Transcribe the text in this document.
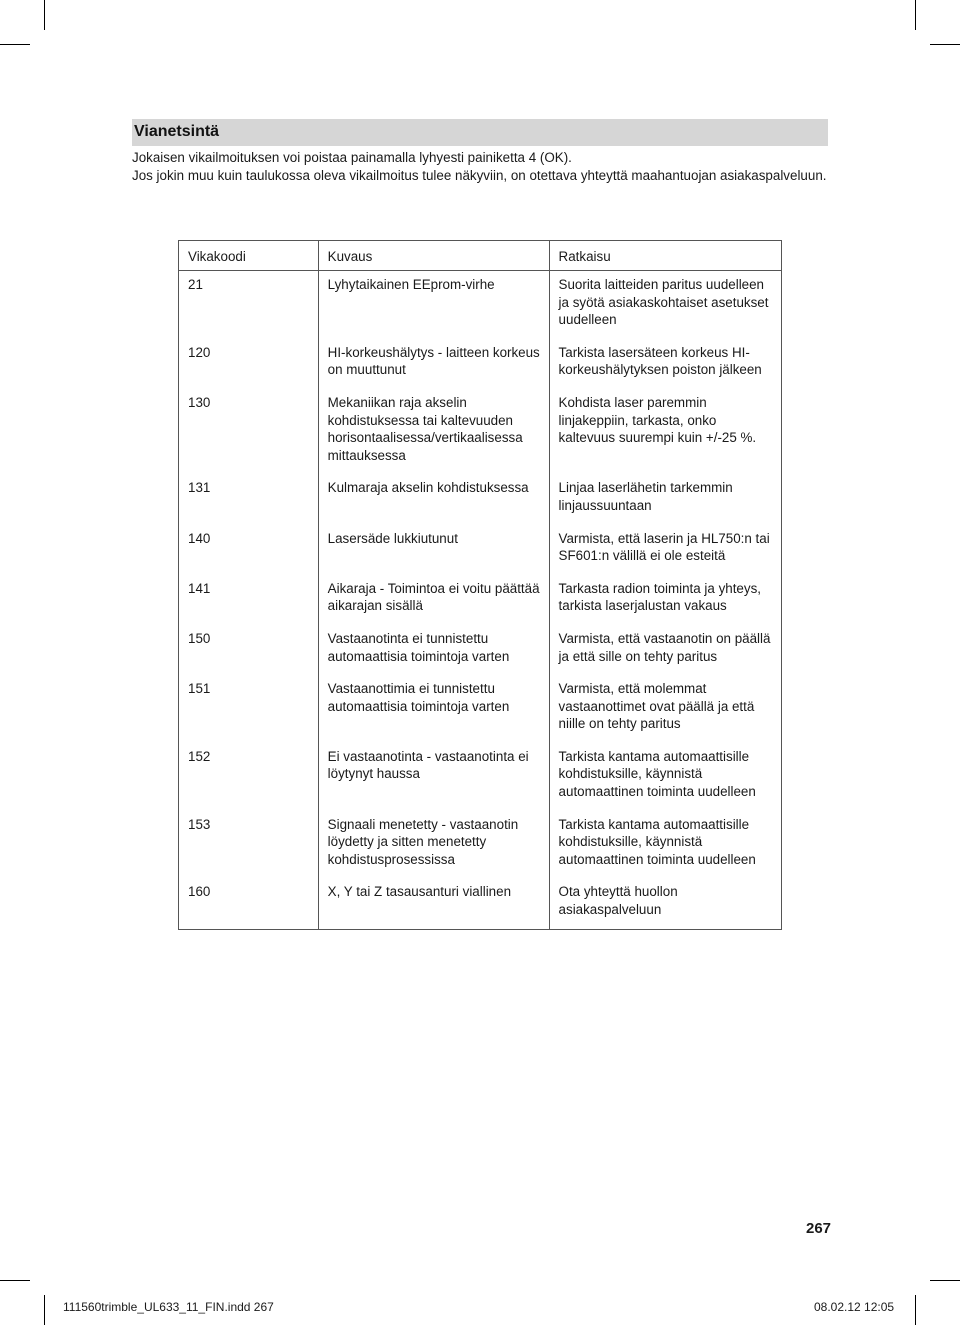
Vianetsintä

Jokaisen vikailmoituksen voi poistaa painamalla lyhyesti painiketta 4 (OK).

Jos jokin muu kuin taulukossa oleva vikailmoitus tulee näkyviin, on otettava yhteyttä maahantuojan asiakaspalveluun.

Vikakoodi	Kuvaus	Ratkaisu
21	Lyhytaikainen EEprom-virhe	Suorita laitteiden paritus uudelleen ja syötä asiakaskohtaiset asetukset uudelleen
120	HI-korkeushälytys - laitteen korkeus on muuttunut	Tarkista lasersäteen korkeus HI-korkeushälytyksen poiston jälkeen
130	Mekaniikan raja akselin kohdistuksessa tai kaltevuuden horisontaalisessa/vertikaalisessa mittauksessa	Kohdista laser paremmin linjakeppiin, tarkasta, onko kaltevuus suurempi kuin +/-25 %.
131	Kulmaraja akselin kohdistuksessa	Linjaa laserlähetin tarkemmin linjaussuuntaan
140	Lasersäde lukkiutunut	Varmista, että laserin ja HL750:n tai SF601:n välillä ei ole esteitä
141	Aikaraja - Toimintoa ei voitu päättää aikarajan sisällä	Tarkasta radion toiminta ja yhteys, tarkista laserjalustan vakaus
150	Vastaanotinta ei tunnistettu automaattisia toimintoja varten	Varmista, että vastaanotin on päällä ja että sille on tehty paritus
151	Vastaanottimia ei tunnistettu automaattisia toimintoja varten	Varmista, että molemmat vastaanottimet ovat päällä ja että niille on tehty paritus
152	Ei vastaanotinta - vastaanotinta ei löytynyt haussa	Tarkista kantama automaattisille kohdistuksille, käynnistä automaattinen toiminta uudelleen
153	Signaali menetetty - vastaanotin löydetty ja sitten menetetty kohdistusprosessissa	Tarkista kantama automaattisille kohdistuksille, käynnistä automaattinen toiminta uudelleen
160	X, Y tai Z tasausanturi viallinen	Ota yhteyttä huollon asiakaspalveluun
267
111560trimble_UL633_11_FIN.indd 267	08.02.12 12:05
